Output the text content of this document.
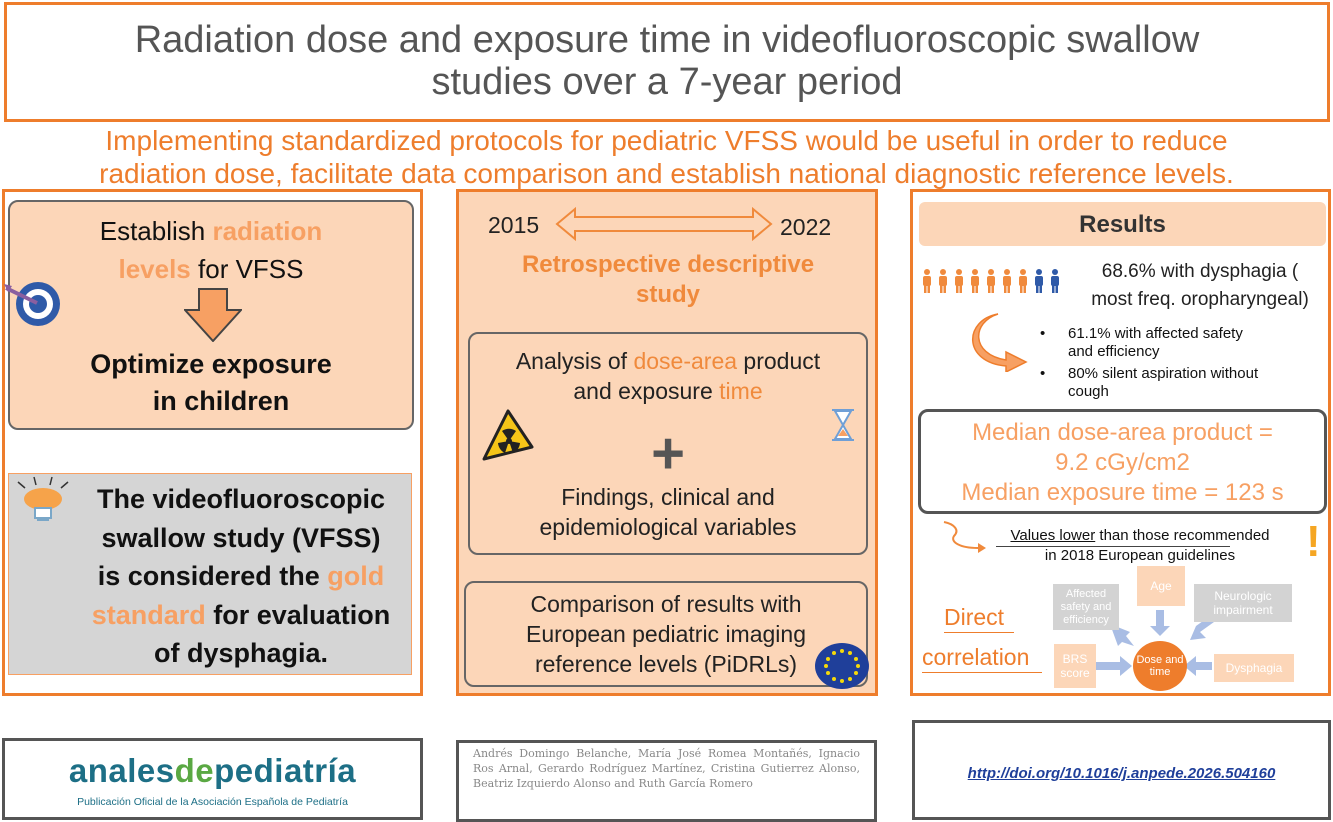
Radiation dose and exposure time in videofluoroscopic swallow
studies over a 7-year period
Implementing standardized protocols for pediatric VFSS would be useful in order to reduce
radiation dose, facilitate data comparison and establish national diagnostic reference levels.
Establish radiation
levels for VFSS
Optimize exposure
in children
The videofluoroscopic
swallow study (VFSS)
is considered the gold
standard for evaluation
of dysphagia.
2015	2022
Retrospective descriptive
study
Analysis of dose-area product
and exposure time
+
Findings, clinical and
epidemiological variables
Comparison of results with
European pediatric imaging
reference levels (PiDRLs)
Results
68.6% with dysphagia (
most freq. oropharyngeal)
• 61.1% with affected safety
and efficiency
• 80% silent aspiration without
cough
Median dose-area product =
9.2 cGy/cm2
Median exposure time = 123 s
Values lower than those recommended
in 2018 European guidelines	!
Direct
correlation
Affected safety and efficiency
Age
Neurologic impairment
BRS score
Dose and time	Dysphagia
analesdepediatría
Publicación Oficial de la Asociación Española de Pediatría
Andrés Domingo Belanche, María José Romea Montañés, Ignacio Ros Arnal, Gerardo Rodríguez Martínez, Cristina Gutierrez Alonso, Beatriz Izquierdo Alonso and Ruth García Romero
http://doi.org/10.1016/j.anpede.2026.504160
